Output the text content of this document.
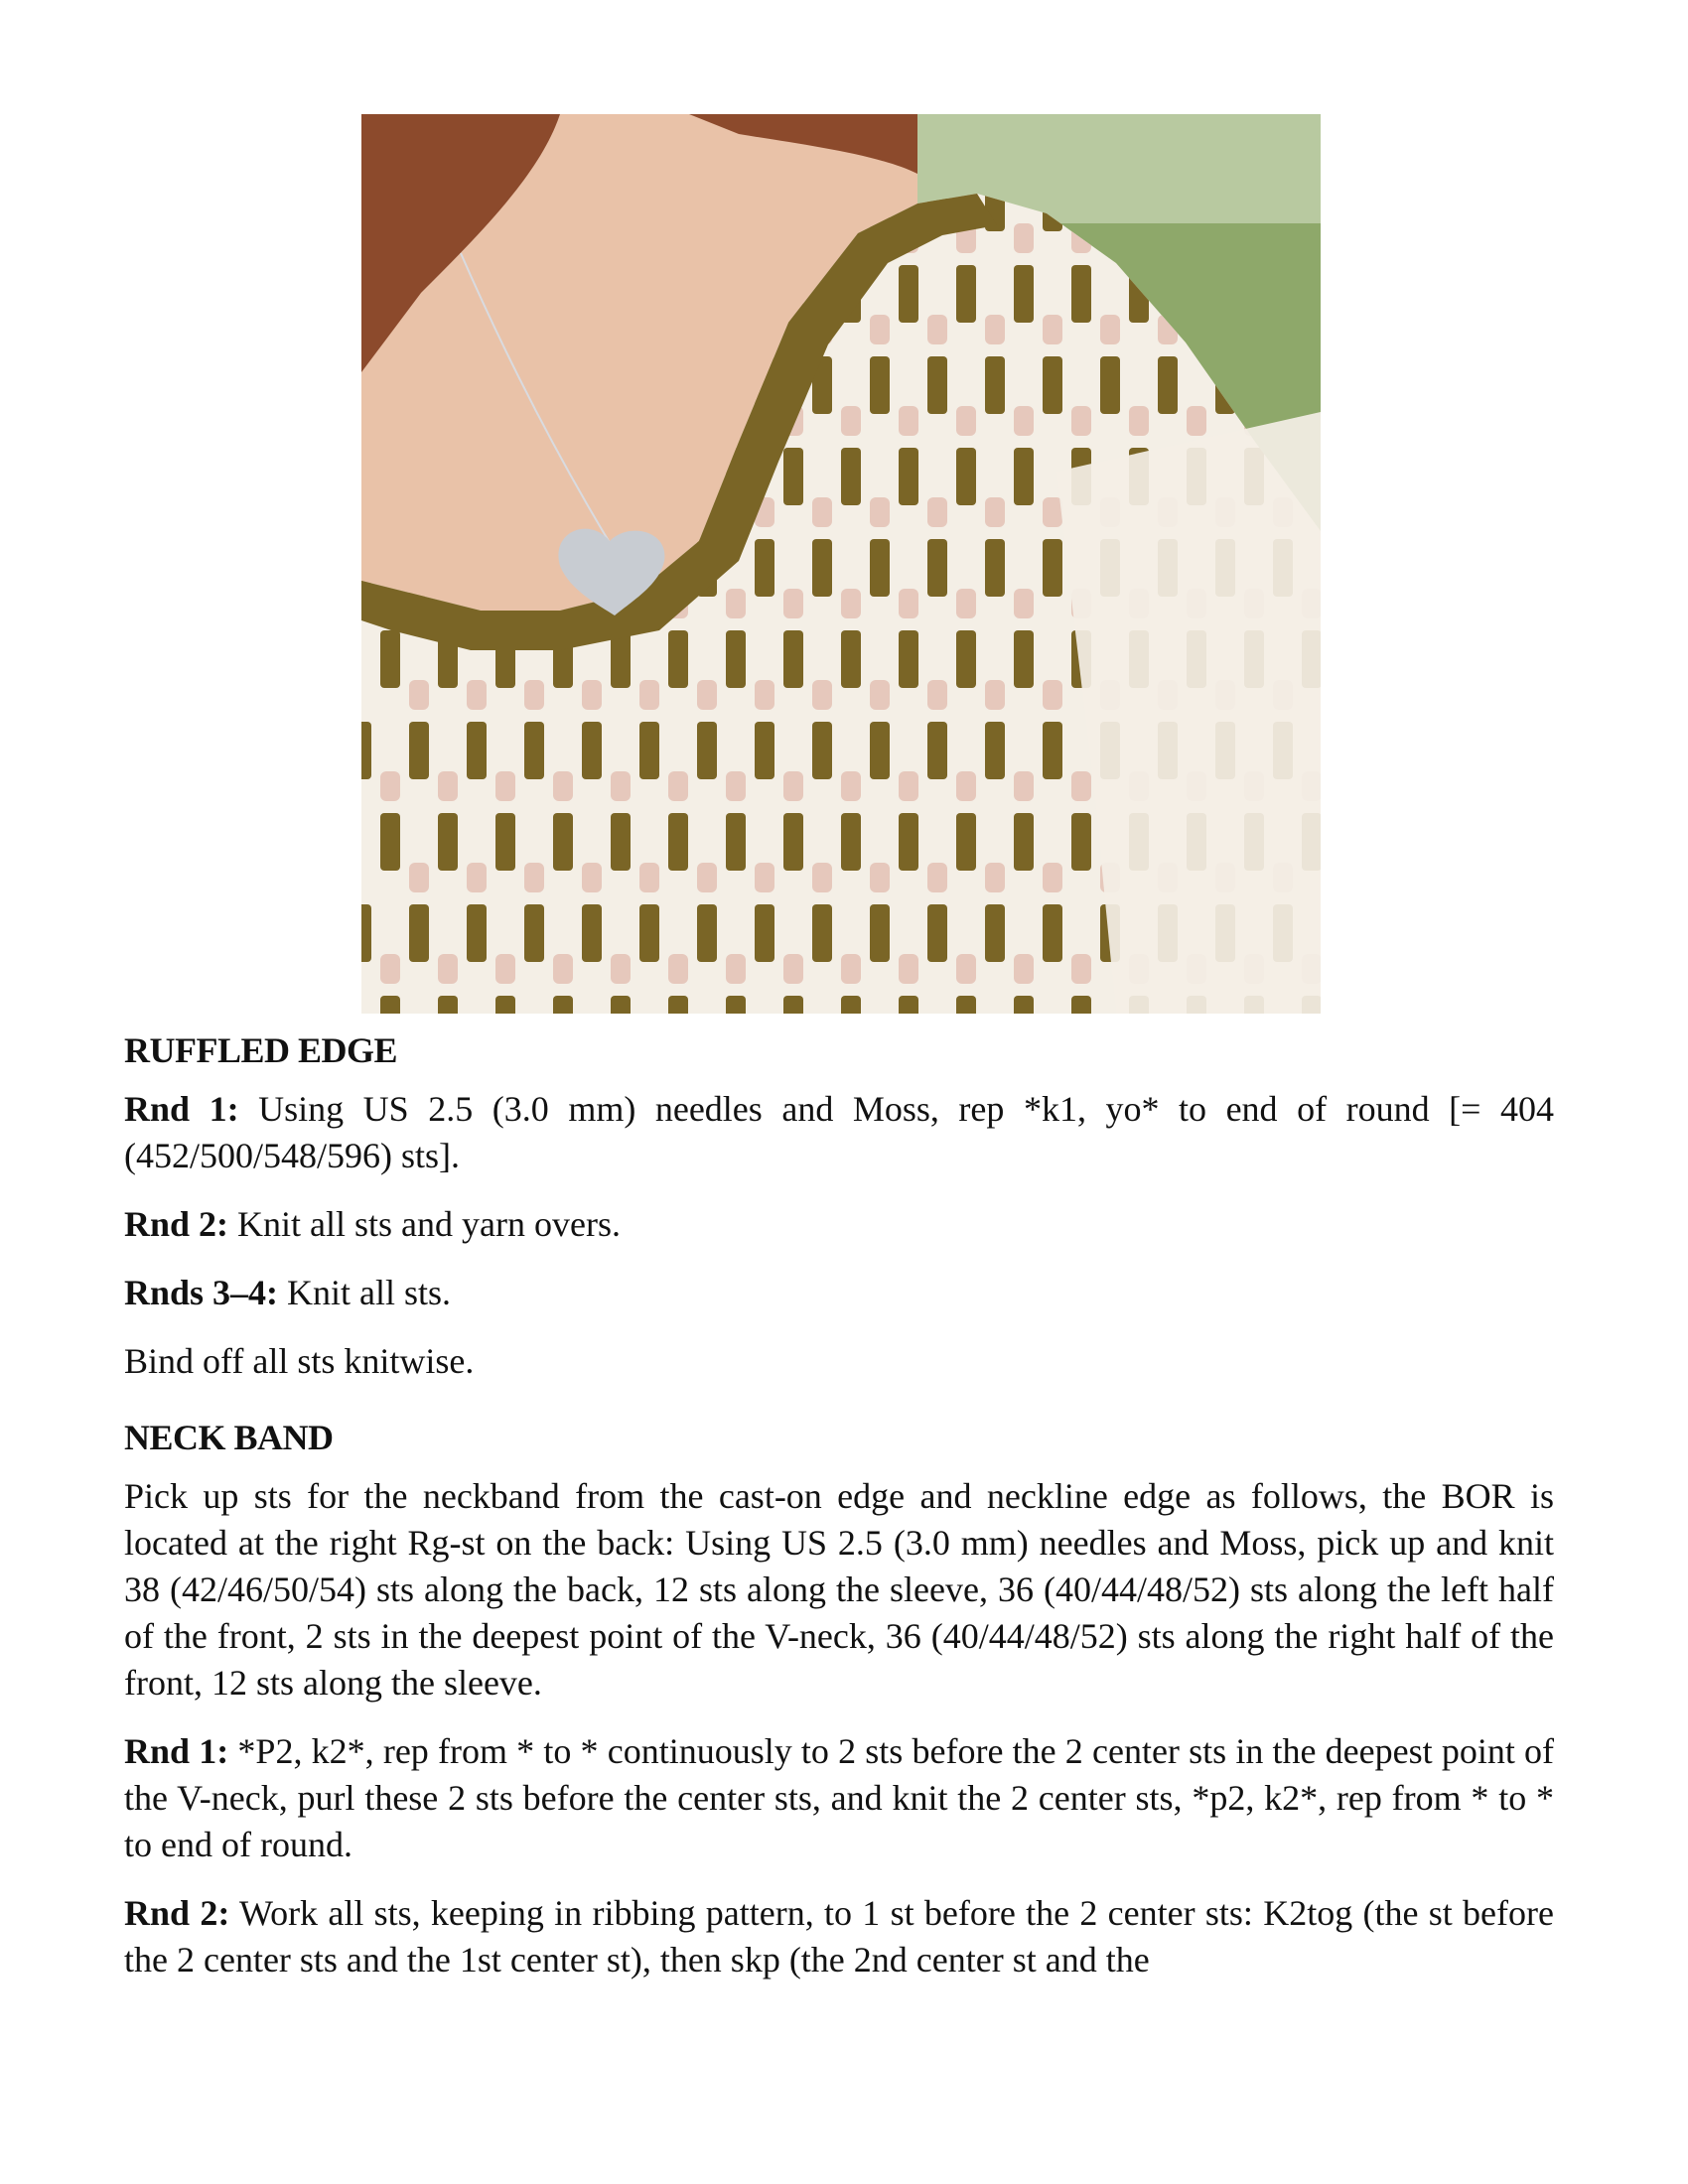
RUFFLED EDGE

Rnd 1: Using US 2.5 (3.0 mm) needles and Moss, rep *k1, yo* to end of round [= 404 (452/500/548/596) sts].

Rnd 2: Knit all sts and yarn overs.

Rnds 3–4: Knit all sts.

Bind off all sts knitwise.

NECK BAND

Pick up sts for the neckband from the cast-on edge and neckline edge as follows, the BOR is located at the right Rg-st on the back: Using US 2.5 (3.0 mm) needles and Moss, pick up and knit 38 (42/46/50/54) sts along the back, 12 sts along the sleeve, 36 (40/44/48/52) sts along the left half of the front, 2 sts in the deepest point of the V-neck, 36 (40/44/48/52) sts along the right half of the front, 12 sts along the sleeve.

Rnd 1: *P2, k2*, rep from * to * continuously to 2 sts before the 2 center sts in the deepest point of the V-neck, purl these 2 sts before the center sts, and knit the 2 center sts, *p2, k2*, rep from * to * to end of round.

Rnd 2: Work all sts, keeping in ribbing pattern, to 1 st before the 2 center sts: K2tog (the st before the 2 center sts and the 1st center st), then skp (the 2nd center st and the
